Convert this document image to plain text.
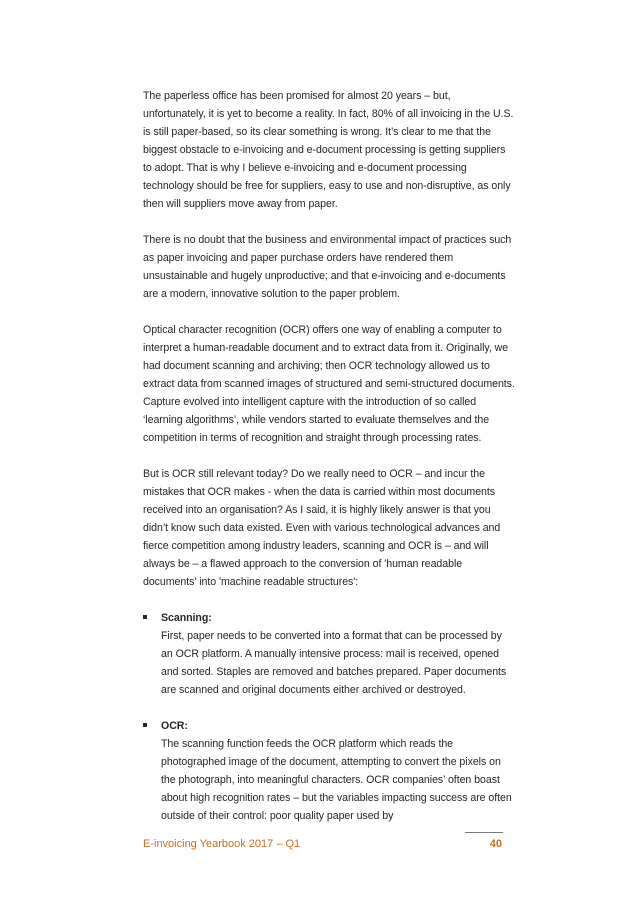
The paperless office has been promised for almost 20 years – but, unfortunately, it is yet to become a reality. In fact, 80% of all invoicing in the U.S. is still paper-based, so its clear something is wrong. It’s clear to me that the biggest obstacle to e-invoicing and e-document processing is getting suppliers to adopt. That is why I believe e-invoicing and e-document processing technology should be free for suppliers, easy to use and non-disruptive, as only then will suppliers move away from paper.

There is no doubt that the business and environmental impact of practices such as paper invoicing and paper purchase orders have rendered them unsustainable and hugely unproductive; and that e-invoicing and e-documents are a modern, innovative solution to the paper problem.

Optical character recognition (OCR) offers one way of enabling a computer to interpret a human-readable document and to extract data from it. Originally, we had document scanning and archiving; then OCR technology allowed us to extract data from scanned images of structured and semi-structured documents. Capture evolved into intelligent capture with the introduction of so called ‘learning algorithms’, while vendors started to evaluate themselves and the competition in terms of recognition and straight through processing rates.

But is OCR still relevant today? Do we really need to OCR – and incur the mistakes that OCR makes - when the data is carried within most documents received into an organisation? As I said, it is highly likely answer is that you didn’t know such data existed. Even with various technological advances and fierce competition among industry leaders, scanning and OCR is – and will always be – a flawed approach to the conversion of 'human readable documents' into 'machine readable structures':

Scanning:
First, paper needs to be converted into a format that can be processed by an OCR platform. A manually intensive process: mail is received, opened and sorted. Staples are removed and batches prepared. Paper documents are scanned and original documents either archived or destroyed.
OCR:
The scanning function feeds the OCR platform which reads the photographed image of the document, attempting to convert the pixels on the photograph, into meaningful characters. OCR companies’ often boast about high recognition rates – but the variables impacting success are often outside of their control: poor quality paper used by
E-invoicing Yearbook 2017 – Q1	40
